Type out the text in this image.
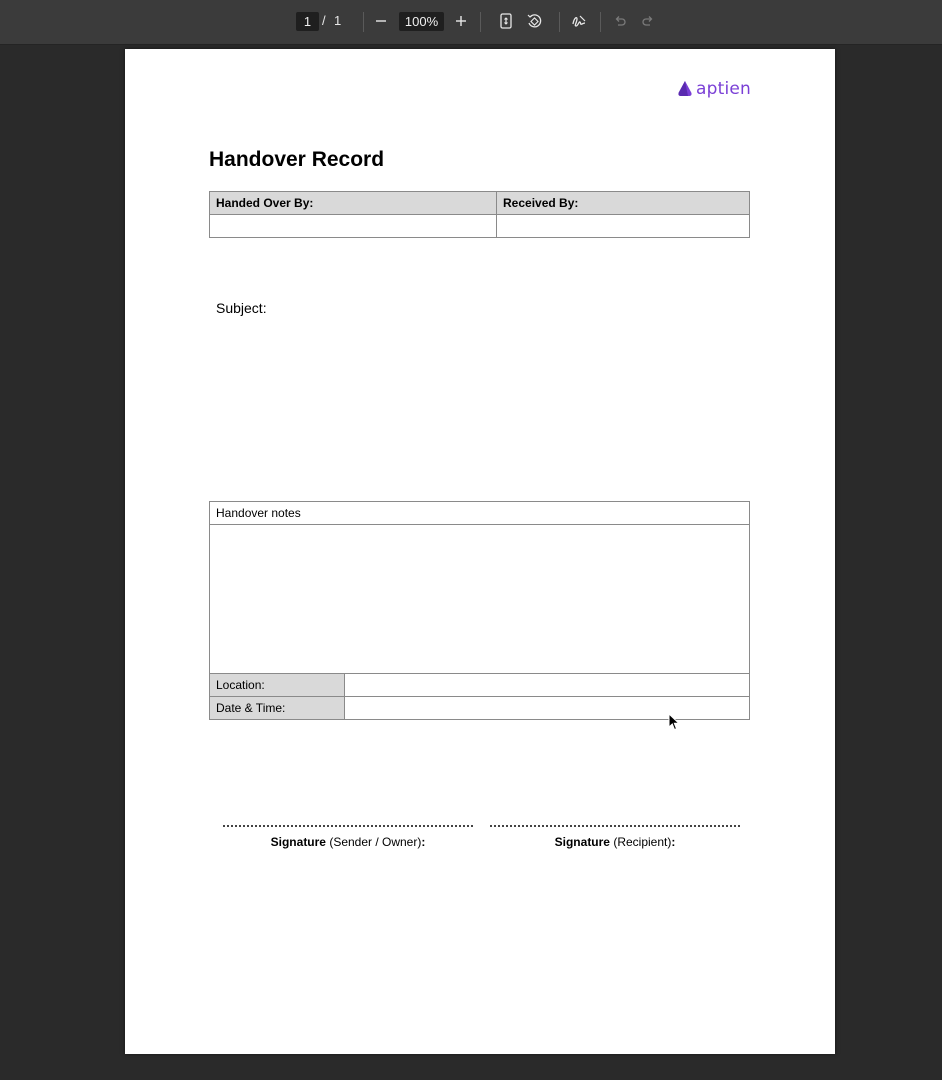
1 / 1	100%
aptien
Handover Record
Handed Over By:	Received By:

Subject:
Handover notes	

Location:	
Date & Time:	
Signature (Sender / Owner):	Signature (Recipient):
